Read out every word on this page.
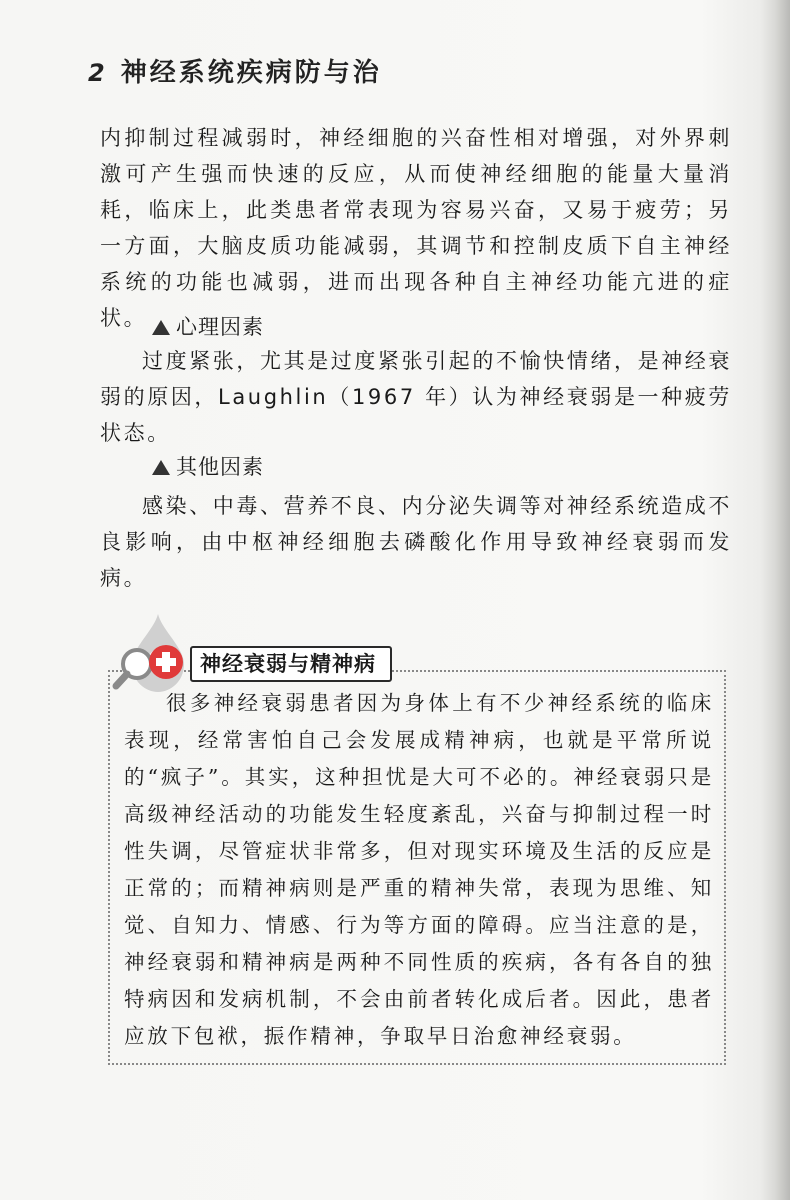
2 神经系统疾病防与治

内抑制过程减弱时，神经细胞的兴奋性相对增强，对外界刺激可产生强而快速的反应，从而使神经细胞的能量大量消耗，临床上，此类患者常表现为容易兴奋，又易于疲劳；另一方面，大脑皮质功能减弱，其调节和控制皮质下自主神经系统的功能也减弱，进而出现各种自主神经功能亢进的症状。	心理因素

过度紧张，尤其是过度紧张引起的不愉快情绪，是神经衰弱的原因，Laughlin（1967 年）认为神经衰弱是一种疲劳状态。

其他因素

感染、中毒、营养不良、内分泌失调等对神经系统造成不良影响，由中枢神经细胞去磷酸化作用导致神经衰弱而发病。

神经衰弱与精神病

很多神经衰弱患者因为身体上有不少神经系统的临床表现，经常害怕自己会发展成精神病，也就是平常所说的“疯子”。其实，这种担忧是大可不必的。神经衰弱只是高级神经活动的功能发生轻度紊乱，兴奋与抑制过程一时性失调，尽管症状非常多，但对现实环境及生活的反应是正常的；而精神病则是严重的精神失常，表现为思维、知觉、自知力、情感、行为等方面的障碍。应当注意的是，神经衰弱和精神病是两种不同性质的疾病，各有各自的独特病因和发病机制，不会由前者转化成后者。因此，患者应放下包袱，振作精神，争取早日治愈神经衰弱。
